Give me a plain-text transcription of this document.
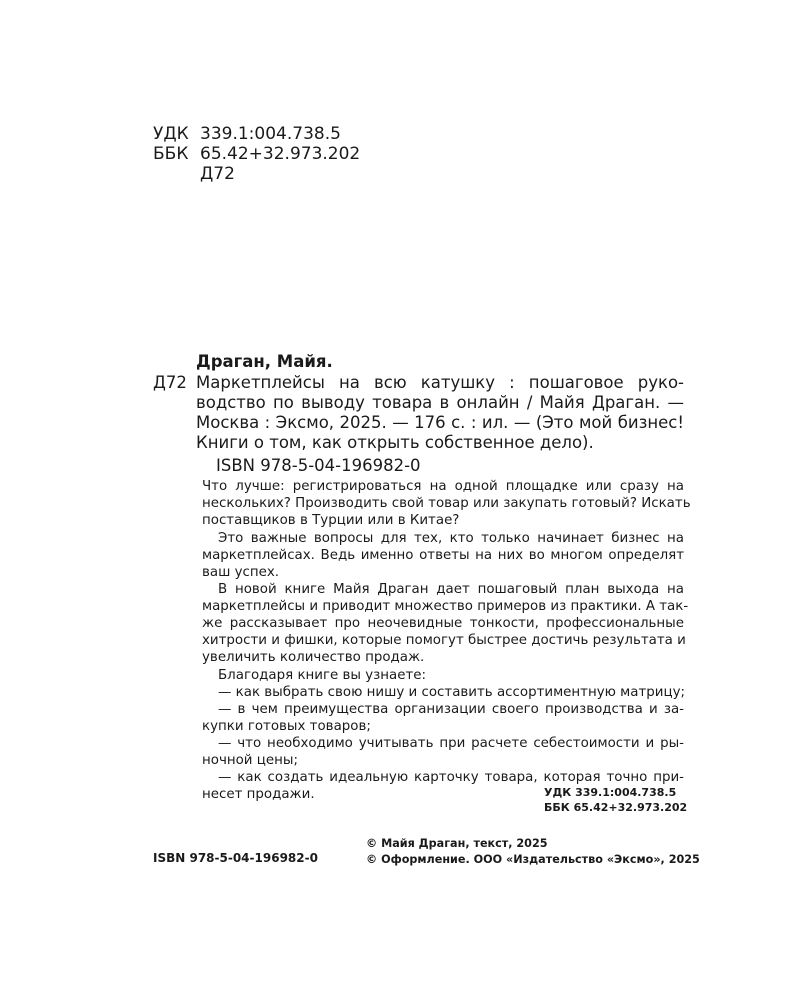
УДК 339.1:004.738.5
ББК 65.42+32.973.202
Д72
Драган, Майя.
Д72 Маркетплейсы на всю катушку : пошаговое руко-
водство по выводу товара в онлайн / Майя Драган. —
Москва : Эксмо, 2025. — 176 с. : ил. — (Это мой бизнес!
Книги о том, как открыть собственное дело).
ISBN 978-5-04-196982-0
Что лучше: регистрироваться на одной площадке или сразу на
нескольких? Производить свой товар или закупать готовый? Искать
поставщиков в Турции или в Китае?
Это важные вопросы для тех, кто только начинает бизнес на
маркетплейсах. Ведь именно ответы на них во многом определят
ваш успех.
В новой книге Майя Драган дает пошаговый план выхода на
маркетплейсы и приводит множество примеров из практики. А так-
же рассказывает про неочевидные тонкости, профессиональные
хитрости и фишки, которые помогут быстрее достичь результата и
увеличить количество продаж.
Благодаря книге вы узнаете:
— как выбрать свою нишу и составить ассортиментную матрицу;
— в чем преимущества организации своего производства и за-
купки готовых товаров;
— что необходимо учитывать при расчете себестоимости и ры-
ночной цены;
— как создать идеальную карточку товара, которая точно при-
несет продажи.	УДК 339.1:004.738.5
ББК 65.42+32.973.202
ISBN 978-5-04-196982-0
© Майя Драган, текст, 2025
© Оформление. ООО «Издательство «Эксмо», 2025
